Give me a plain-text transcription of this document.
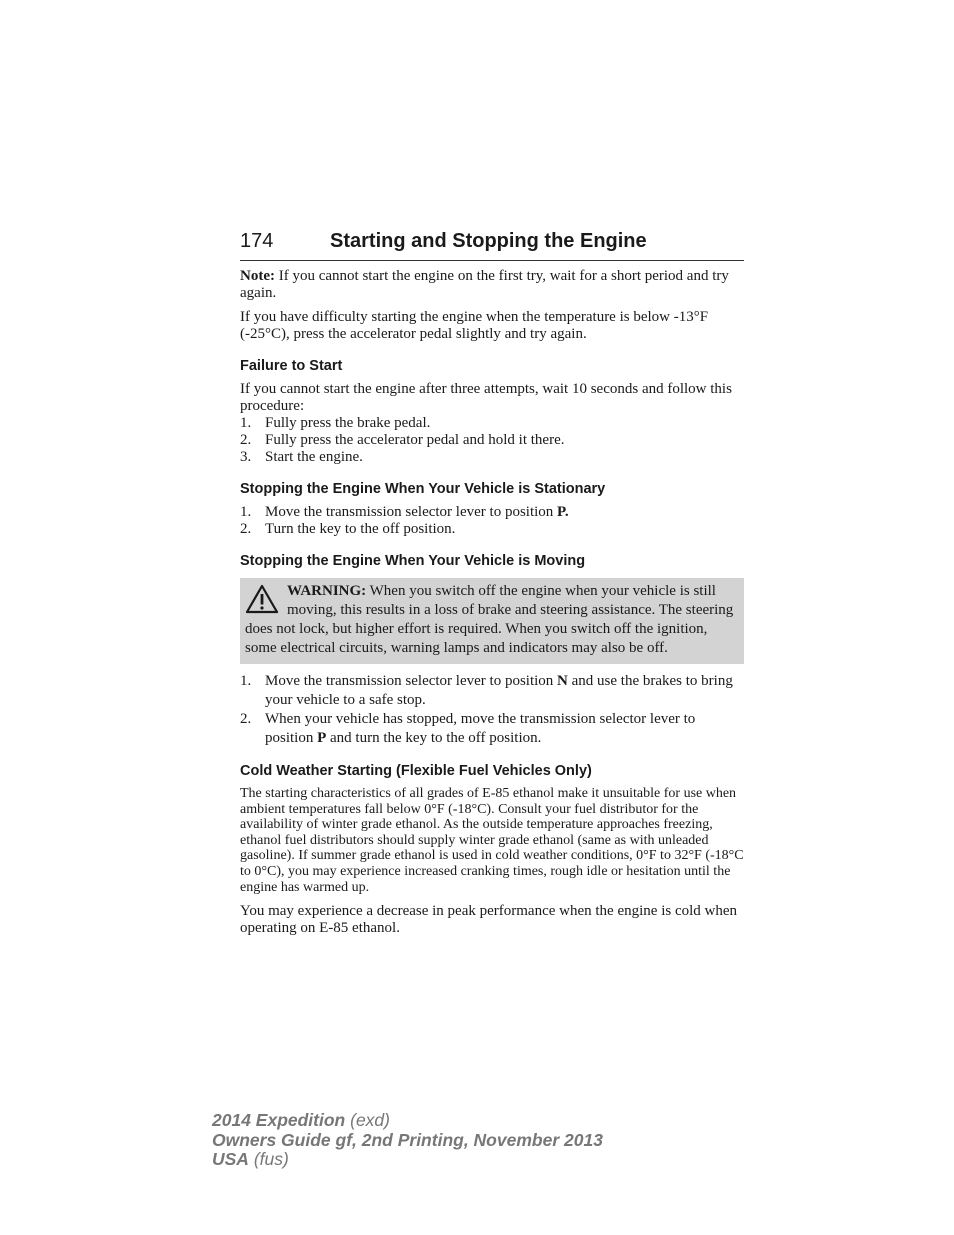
174	Starting and Stopping the Engine

Note: If you cannot start the engine on the first try, wait for a short period and try again.

If you have difficulty starting the engine when the temperature is below -13°F (-25°C), press the accelerator pedal slightly and try again.

Failure to Start

If you cannot start the engine after three attempts, wait 10 seconds and follow this procedure:

1. Fully press the brake pedal.
2. Fully press the accelerator pedal and hold it there.
3. Start the engine.
Stopping the Engine When Your Vehicle is Stationary
1. Move the transmission selector lever to position P.
2. Turn the key to the off position.
Stopping the Engine When Your Vehicle is Moving
WARNING: When you switch off the engine when your vehicle is still moving, this results in a loss of brake and steering assistance. The steering does not lock, but higher effort is required. When you switch off the ignition, some electrical circuits, warning lamps and indicators may also be off.
1. Move the transmission selector lever to position N and use the brakes to bring your vehicle to a safe stop.
2. When your vehicle has stopped, move the transmission selector lever to position P and turn the key to the off position.
Cold Weather Starting (Flexible Fuel Vehicles Only)

The starting characteristics of all grades of E-85 ethanol make it unsuitable for use when ambient temperatures fall below 0°F (-18°C). Consult your fuel distributor for the availability of winter grade ethanol. As the outside temperature approaches freezing, ethanol fuel distributors should supply winter grade ethanol (same as with unleaded gasoline). If summer grade ethanol is used in cold weather conditions, 0°F to 32°F (-18°C to 0°C), you may experience increased cranking times, rough idle or hesitation until the engine has warmed up.

You may experience a decrease in peak performance when the engine is cold when operating on E-85 ethanol.

2014 Expedition (exd)
Owners Guide gf, 2nd Printing, November 2013
USA (fus)
